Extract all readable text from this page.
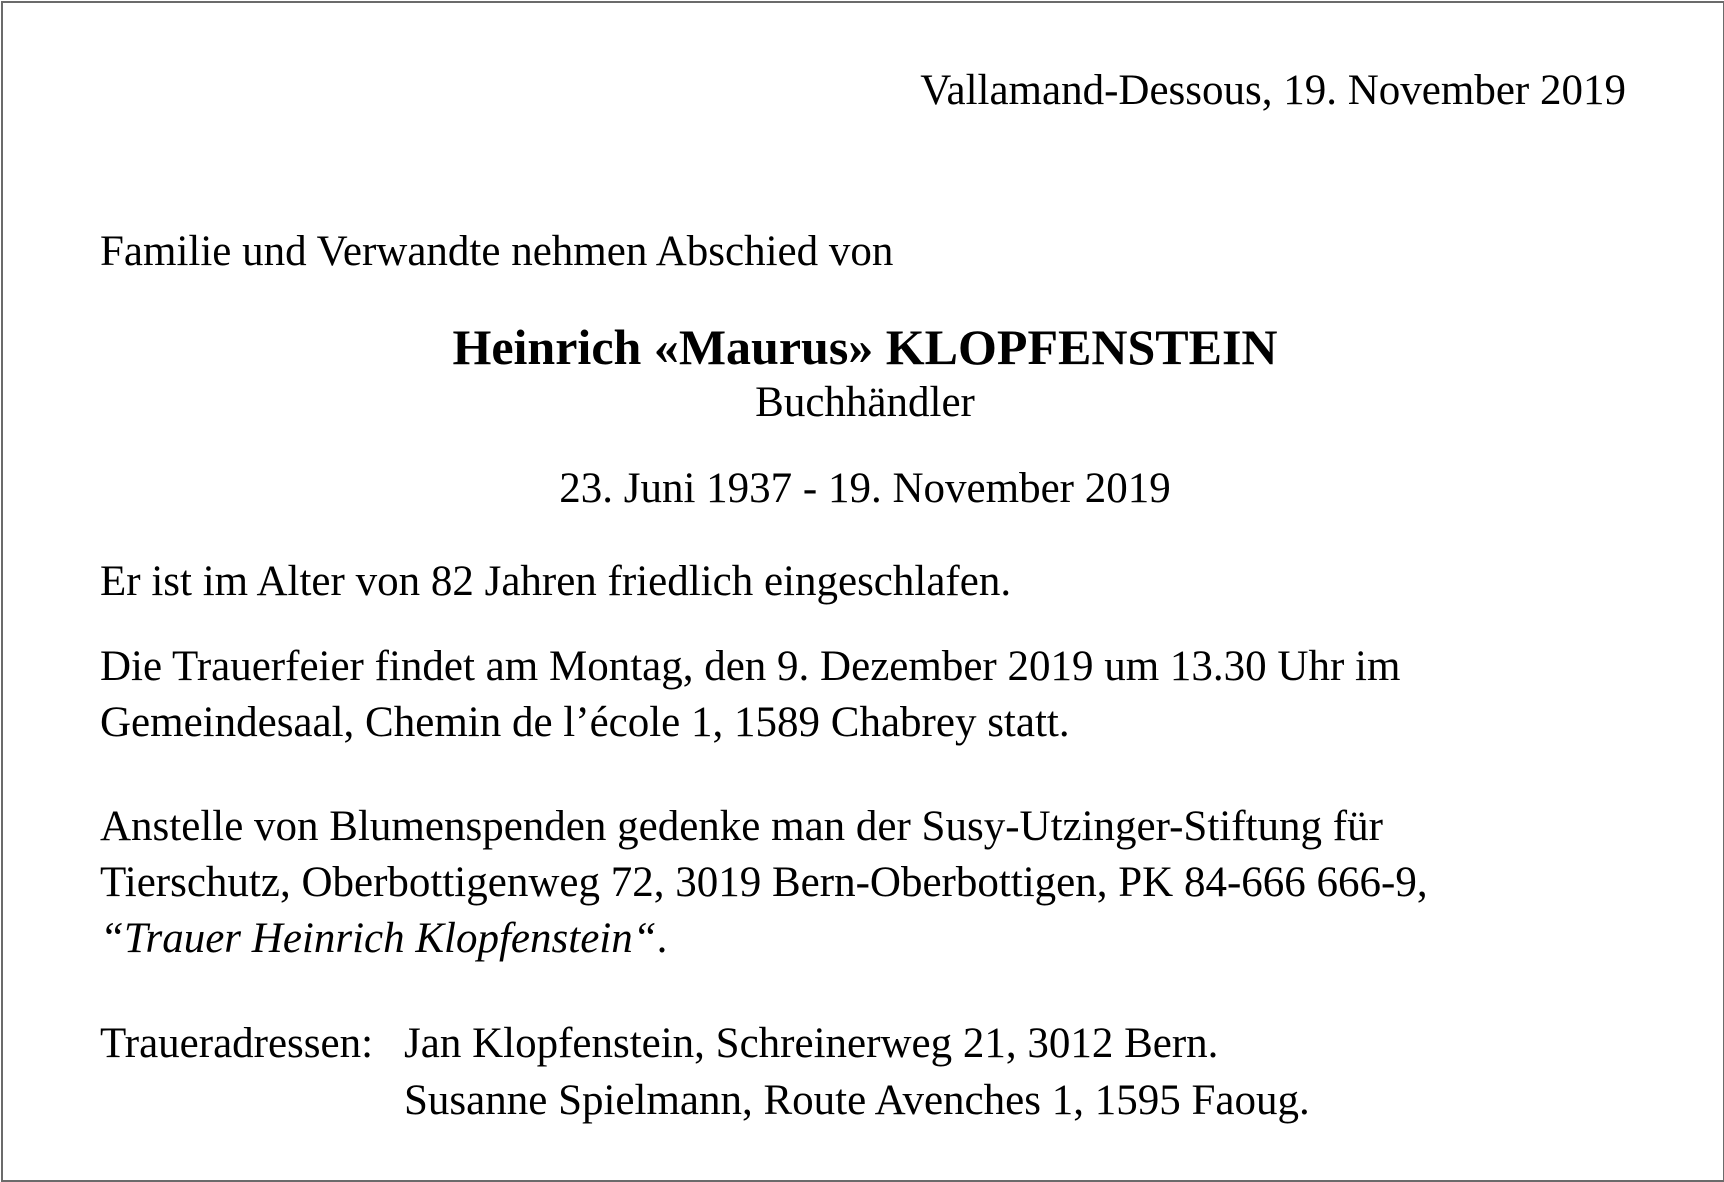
Vallamand-Dessous, 19. November 2019

Familie und Verwandte nehmen Abschied von

Heinrich «Maurus» KLOPFENSTEIN

Buchhändler

23. Juni 1937 - 19. November 2019

Er ist im Alter von 82 Jahren friedlich eingeschlafen.

Die Trauerfeier findet am Montag, den 9. Dezember 2019 um 13.30 Uhr im
Gemeindesaal, Chemin de l’école 1, 1589 Chabrey statt.
Anstelle von Blumenspenden gedenke man der Susy-Utzinger-Stiftung für
Tierschutz, Oberbottigenweg 72, 3019 Bern-Oberbottigen, PK 84-666 666-9,
“Trauer Heinrich Klopfenstein“.
Traueradressen: Jan Klopfenstein, Schreinerweg 21, 3012 Bern.
Susanne Spielmann, Route Avenches 1, 1595 Faoug.
